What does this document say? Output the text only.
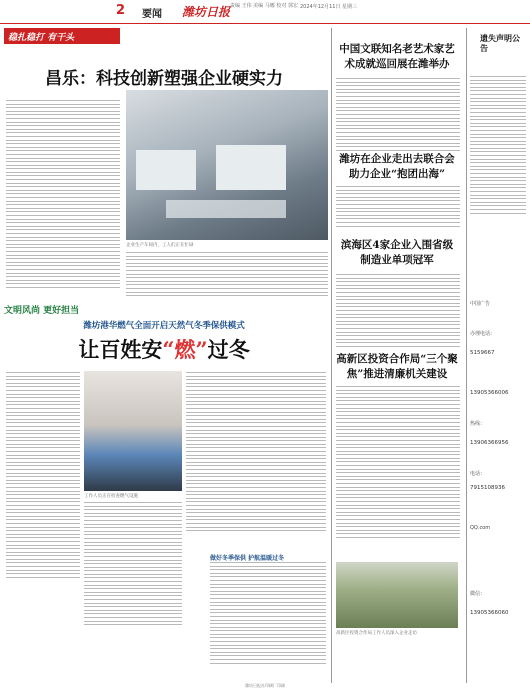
2 要闻 潍坊日报 责编 王伟 美编 马娜 校对 郭宏 2024年12月11日 星期三
稳扎稳打 有干头
昌乐：科技创新塑强企业硬实力
企业生产车间内，工人们正在忙碌
文明风尚 更好担当
潍坊港华燃气全面开启天然气冬季保供模式
让百姓安“燃”过冬
工作人员正在检查燃气设施
做好冬季保供 护航温暖过冬
中国文联知名老艺术家艺术成就巡回展在潍举办
潍坊在企业走出去联合会助力企业“抱团出海”
滨海区4家企业入围省级制造业单项冠军
高新区投资合作局“三个聚焦”推进清廉机关建设
高新区投资合作局工作人员深入企业走访
遗失声明公告
中国广告
办理电话：
5159667
13905366006
热线：
13906366956
电话：
7915108936
QQ.com
微信：
13905366060
潍坊日报社印刷厂印刷
